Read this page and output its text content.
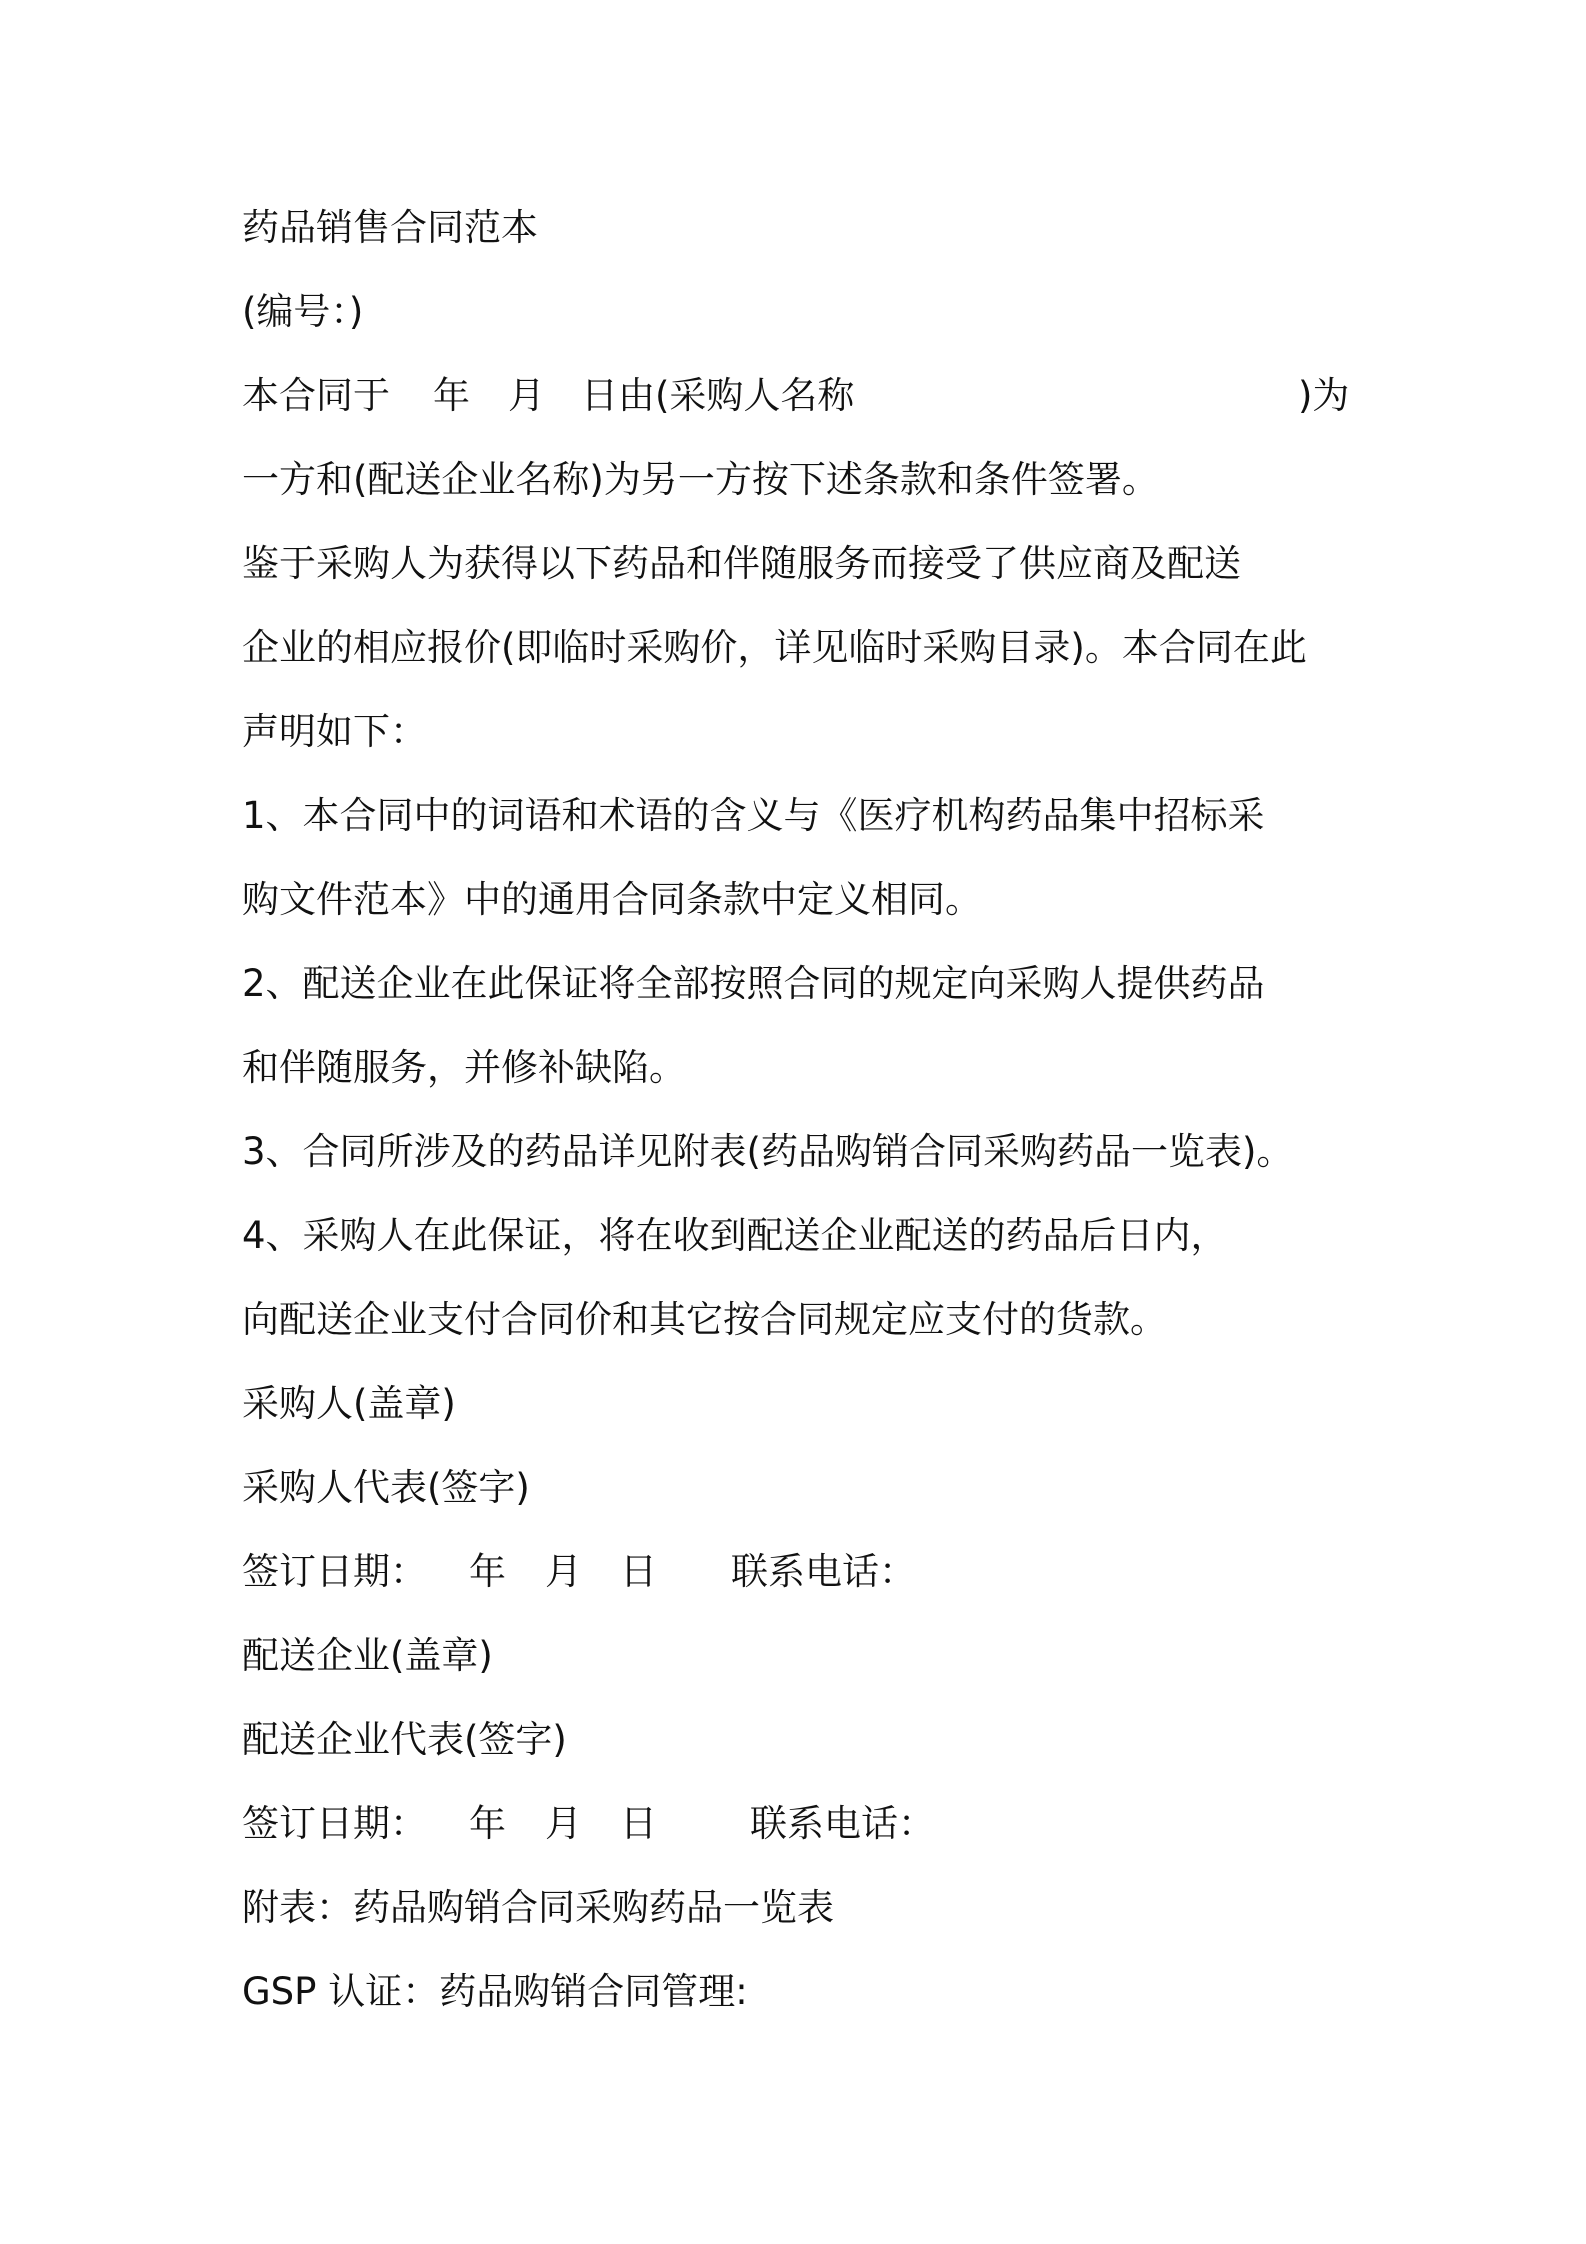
药品销售合同范本
(编号：)
本合同于 年 月 日由(采购人名称	)为
一方和(配送企业名称)为另一方按下述条款和条件签署。
鉴于采购人为获得以下药品和伴随服务而接受了供应商及配送
企业的相应报价(即临时采购价，详见临时采购目录)。本合同在此
声明如下：
1、本合同中的词语和术语的含义与《医疗机构药品集中招标采
购文件范本》中的通用合同条款中定义相同。
2、配送企业在此保证将全部按照合同的规定向采购人提供药品
和伴随服务，并修补缺陷。
3、合同所涉及的药品详见附表(药品购销合同采购药品一览表)。
4、采购人在此保证，将在收到配送企业配送的药品后日内，
向配送企业支付合同价和其它按合同规定应支付的货款。
采购人(盖章)
采购人代表(签字)
签订日期： 年 月 日 联系电话：
配送企业(盖章)
配送企业代表(签字)
签订日期： 年 月 日	联系电话：
附表：药品购销合同采购药品一览表
GSP 认证：药品购销合同管理:
